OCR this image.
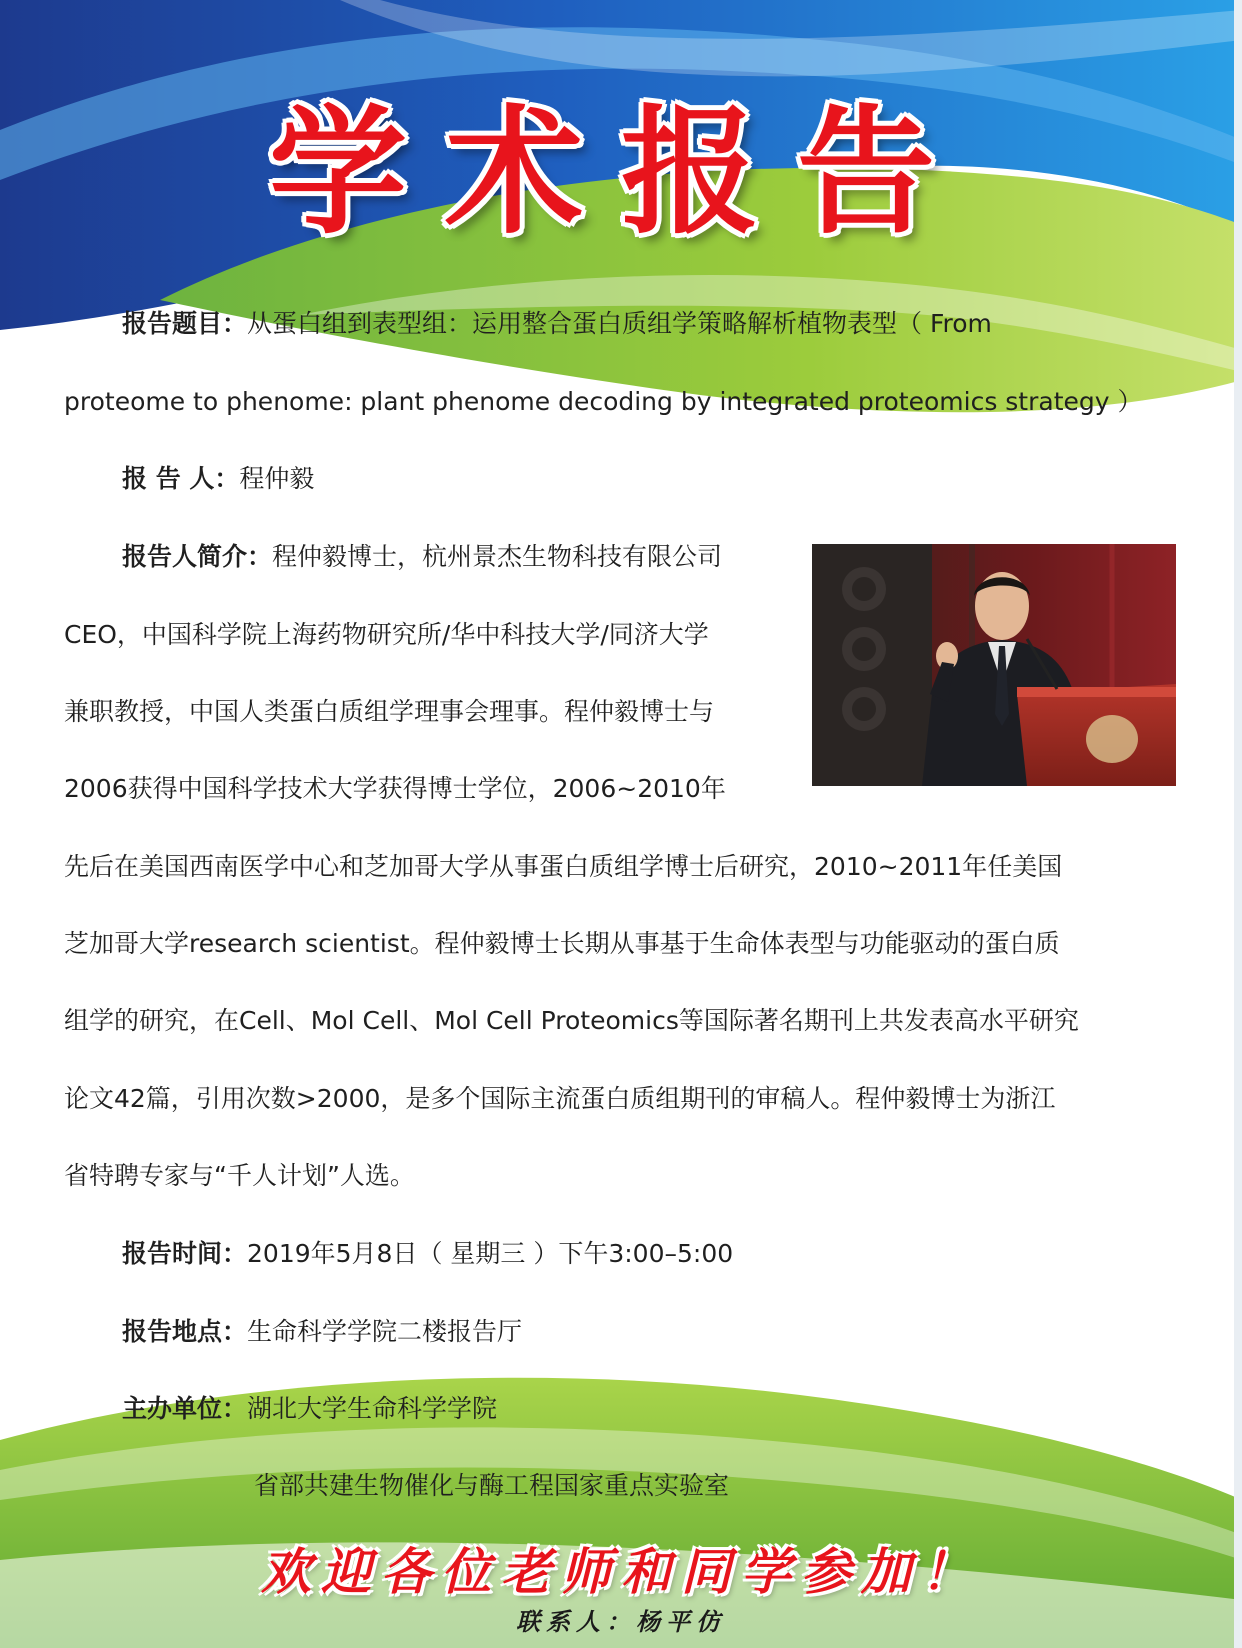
学术报告
报告题目：从蛋白组到表型组：运用整合蛋白质组学策略解析植物表型（ From
proteome to phenome: plant phenome decoding by integrated proteomics strategy ）
报 告 人：程仲毅
报告人简介：程仲毅博士，杭州景杰生物科技有限公司
CEO，中国科学院上海药物研究所/华中科技大学/同济大学
兼职教授，中国人类蛋白质组学理事会理事。程仲毅博士与
2006获得中国科学技术大学获得博士学位，2006~2010年
先后在美国西南医学中心和芝加哥大学从事蛋白质组学博士后研究，2010~2011年任美国
芝加哥大学research scientist。程仲毅博士长期从事基于生命体表型与功能驱动的蛋白质
组学的研究，在Cell、Mol Cell、Mol Cell Proteomics等国际著名期刊上共发表高水平研究
论文42篇，引用次数>2000，是多个国际主流蛋白质组期刊的审稿人。程仲毅博士为浙江
省特聘专家与“千人计划”人选。
报告时间：2019年5月8日（ 星期三 ）下午3:00–5:00
报告地点：生命科学学院二楼报告厅
主办单位：湖北大学生命科学学院
省部共建生物催化与酶工程国家重点实验室
欢迎各位老师和同学参加！
联系人：杨平仿
